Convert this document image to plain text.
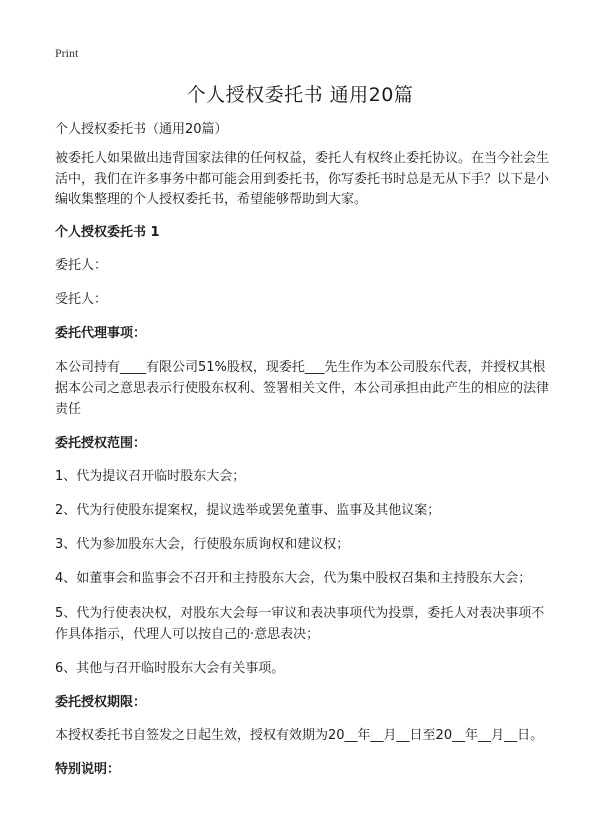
Print
个人授权委托书 通用20篇

个人授权委托书（通用20篇）

被委托人如果做出违背国家法律的任何权益，委托人有权终止委托协议。在当今社会生活中，我们在许多事务中都可能会用到委托书，你写委托书时总是无从下手？以下是小编收集整理的个人授权委托书，希望能够帮助到大家。

个人授权委托书 1

委托人：

受托人：

委托代理事项：

本公司持有____有限公司51%股权，现委托___先生作为本公司股东代表，并授权其根据本公司之意思表示行使股东权利、签署相关文件，本公司承担由此产生的相应的法律责任

委托授权范围：

1、代为提议召开临时股东大会；

2、代为行使股东提案权，提议选举或罢免董事、监事及其他议案；

3、代为参加股东大会，行使股东质询权和建议权；

4、如董事会和监事会不召开和主持股东大会，代为集中股权召集和主持股东大会；

5、代为行使表决权，对股东大会每一审议和表决事项代为投票，委托人对表决事项不作具体指示，代理人可以按自己的·意思表决；

6、其他与召开临时股东大会有关事项。

委托授权期限：

本授权委托书自签发之日起生效，授权有效期为20__年__月__日至20__年__月__日。

特别说明：
